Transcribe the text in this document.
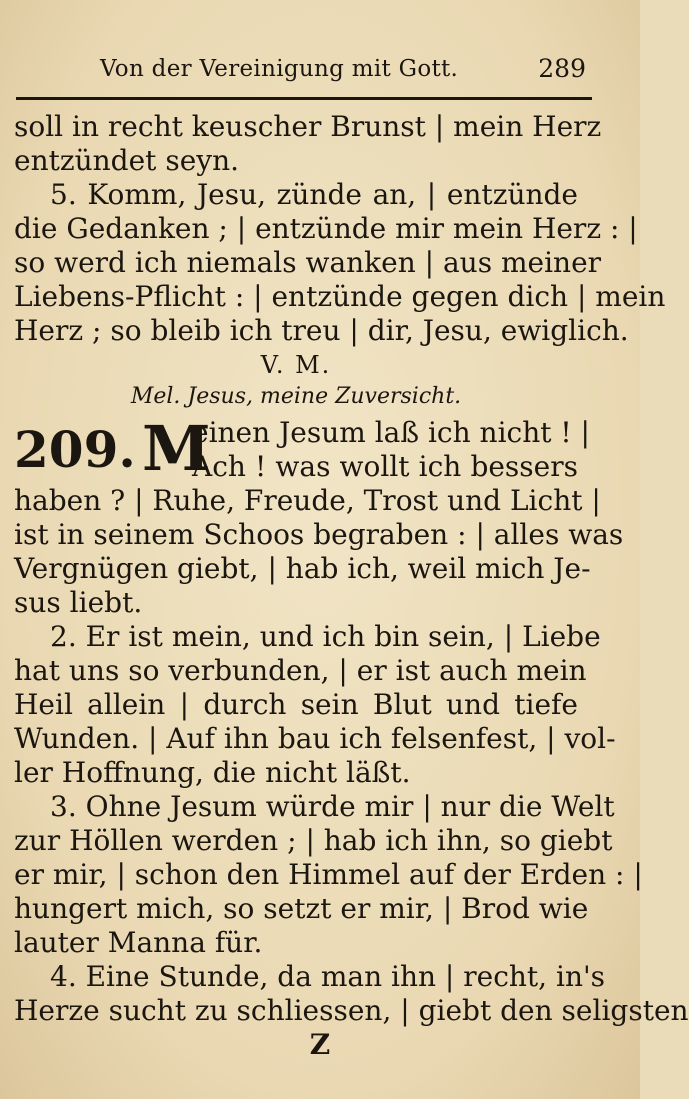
Von der Vereinigung mit Gott.	289
soll in recht keuscher Brunst | mein Herz
entzündet seyn.
5. Komm, Jesu, zünde an, | entzünde
die Gedanken ; | entzünde mir mein Herz : |
so werd ich niemals wanken | aus meiner
Liebens-Pflicht : | entzünde gegen dich | mein
Herz ; so bleib ich treu | dir, Jesu, ewiglich.
V. M.
Mel. Jesus, meine Zuversicht.
209. M
einen Jesum laß ich nicht ! |
Ach ! was wollt ich bessers
haben ? | Ruhe, Freude, Trost und Licht |
ist in seinem Schoos begraben : | alles was
Vergnügen giebt, | hab ich, weil mich Je-
sus liebt.
2. Er ist mein, und ich bin sein, | Liebe
hat uns so verbunden, | er ist auch mein
Heil allein | durch sein Blut und tiefe
Wunden. | Auf ihn bau ich felsenfest, | vol-
ler Hoffnung, die nicht läßt.
3. Ohne Jesum würde mir | nur die Welt
zur Höllen werden ; | hab ich ihn, so giebt
er mir, | schon den Himmel auf der Erden : |
hungert mich, so setzt er mir, | Brod wie
lauter Manna für.
4. Eine Stunde, da man ihn | recht, in's
Herze sucht zu schliessen, | giebt den seligsten
Z
